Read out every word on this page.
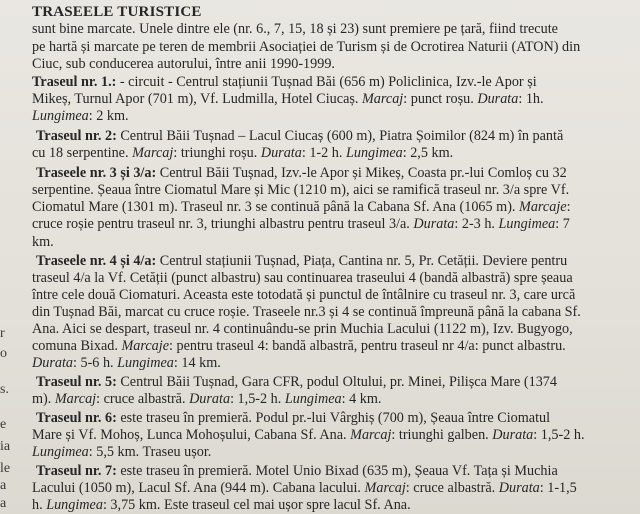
TRASEELE TURISTICE
sunt bine marcate. Unele dintre ele (nr. 6., 7, 15, 18 și 23) sunt premiere pe țară, fiind trecute
pe hartă și marcate pe teren de membrii Asociației de Turism și de Ocrotirea Naturii (ATON) din
Ciuc, sub conducerea autorului, între anii 1990-1999.
Traseul nr. 1.: - circuit - Centrul stațiunii Tușnad Băi (656 m) Policlinica, Izv.-le Apor și
Mikeș, Turnul Apor (701 m), Vf. Ludmilla, Hotel Ciucaș. Marcaj: punct roșu. Durata: 1h.
Lungimea: 2 km.
Traseul nr. 2: Centrul Băii Tușnad – Lacul Ciucaș (600 m), Piatra Șoimilor (824 m) în pantă
cu 18 serpentine. Marcaj: triunghi roșu. Durata: 1-2 h. Lungimea: 2,5 km.
Traseele nr. 3 și 3/a: Centrul Băii Tușnad, Izv.-le Apor și Mikeș, Coasta pr.-lui Comloș cu 32
serpentine. Șeaua între Ciomatul Mare și Mic (1210 m), aici se ramifică traseul nr. 3/a spre Vf.
Ciomatul Mare (1301 m). Traseul nr. 3 se continuă până la Cabana Sf. Ana (1065 m). Marcaje:
cruce roșie pentru traseul nr. 3, triunghi albastru pentru traseul 3/a. Durata: 2-3 h. Lungimea: 7
km.
Traseele nr. 4 și 4/a: Centrul stațiunii Tușnad, Piața, Cantina nr. 5, Pr. Cetății. Deviere pentru
traseul 4/a la Vf. Cetății (punct albastru) sau continuarea traseului 4 (bandă albastră) spre șeaua
între cele două Ciomaturi. Aceasta este totodată și punctul de întâlnire cu traseul nr. 3, care urcă
din Tușnad Băi, marcat cu cruce roșie. Traseele nr.3 și 4 se continuă împreună până la cabana Sf.
Ana. Aici se despart, traseul nr. 4 continuându-se prin Muchia Lacului (1122 m), Izv. Bugyogo,
comuna Bixad. Marcaje: pentru traseul 4: bandă albastră, pentru traseul nr 4/a: punct albastru.
Durata: 5-6 h. Lungimea: 14 km.
Traseul nr. 5: Centrul Băii Tușnad, Gara CFR, podul Oltului, pr. Minei, Pilișca Mare (1374
m). Marcaj: cruce albastră. Durata: 1,5-2 h. Lungimea: 4 km.
Traseul nr. 6: este traseu în premieră. Podul pr.-lui Vârghiș (700 m), Șeaua între Ciomatul
Mare și Vf. Mohoș, Lunca Mohoșului, Cabana Sf. Ana. Marcaj: triunghi galben. Durata: 1,5-2 h.
Lungimea: 5,5 km. Traseu ușor.
Traseul nr. 7: este traseu în premieră. Motel Unio Bixad (635 m), Șeaua Vf. Tața și Muchia
Lacului (1050 m), Lacul Sf. Ana (944 m). Cabana lacului. Marcaj: cruce albastră. Durata: 1-1,5
h. Lungimea: 3,75 km. Este traseul cel mai ușor spre lacul Sf. Ana.
r
o
s.
e
ia
le
a
a
